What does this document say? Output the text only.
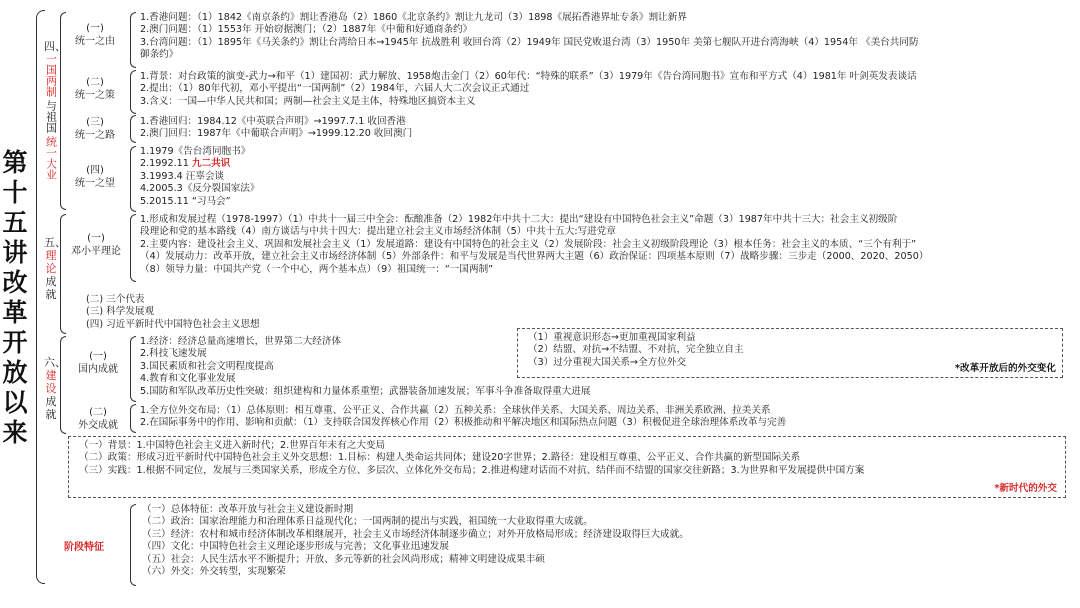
第十五讲 改革开放以来
四、
一国两制
与祖国
统一大业
(一)
统一之由
1.香港问题：（1）1842《南京条约》割让香港岛（2）1860《北京条约》割让九龙司（3）1898《展拓香港界址专条》割让新界
2.澳门问题：（1）1553年 开始窃据澳门；（2）1887年《中葡和好通商条约》
3.台湾问题：（1）1895年《马关条约》割让台湾给日本→1945年 抗战胜利 收回台湾（2）1949年 国民党败退台湾（3）1950年 美第七舰队开进台湾海峡（4）1954年 《美台共同防
御条约》
(二)
统一之策
1.背景：对台政策的演变-武力→和平（1）建国初：武力解放、1958炮击金门（2）60年代：“特殊的联系”（3）1979年《告台湾同胞书》宣布和平方式（4）1981年 叶剑英发表谈话
2.提出：（1）80年代初，邓小平提出“一国两制”（2）1984年，六届人大二次会议正式通过
3.含义：一国—中华人民共和国；两制—社会主义是主体，特殊地区搞资本主义
(三)
统一之路
1.香港回归：1984.12《中英联合声明》→1997.7.1 收回香港
2.澳门回归：1987年《中葡联合声明》→1999.12.20 收回澳门
(四)
统一之望
1.1979《告台湾同胞书》
2.1992.11 九二共识
3.1993.4 汪辜会谈
4.2005.3《反分裂国家法》
5.2015.11 “习马会”
五、
理论
成就
(一)
邓小平理论
1.形成和发展过程（1978-1997）（1）中共十一届三中全会：酝酿准备（2）1982年中共十二大：提出“建设有中国特色社会主义”命题（3）1987年中共十三大：社会主义初级阶
段理论和党的基本路线（4）南方谈话与中共十四大：提出建立社会主义市场经济体制（5）中共十五大:写进党章
2.主要内容：建设社会主义、巩固和发展社会主义（1）发展道路：建设有中国特色的社会主义（2）发展阶段：社会主义初级阶段理论（3）根本任务：社会主义的本质、“三个有利于”
（4）发展动力：改革开放，建立社会主义市场经济体制（5）外部条件：和平与发展是当代世界两大主题（6）政治保证：四项基本原则（7）战略步骤：三步走（2000、2020、2050）
（8）领导力量：中国共产党（一个中心，两个基本点）（9）祖国统一：“一国两制”
(二) 三个代表
(三) 科学发展观
(四) 习近平新时代中国特色社会主义思想
六、
建设
成就
(一)
国内成就
1.经济：经济总量高速增长，世界第二大经济体
2.科技飞速发展
3.国民素质和社会文明程度提高
4.教育和文化事业发展
5.国防和军队改革历史性突破：组织建构和力量体系重塑；武器装备加速发展；军事斗争准备取得重大进展
（1）重视意识形态→更加重视国家利益
（2）结盟、对抗→不结盟、不对抗，完全独立自主
（3）过分重视大国关系→全方位外交
*改革开放后的外交变化
(二)
外交成就
1.全方位外交布局：（1）总体原则：相互尊重、公平正义、合作共赢（2）五种关系：全球伙伴关系、大国关系、周边关系、非洲关系欧洲、拉美关系
2.在国际事务中的作用、影响和贡献：（1）支持联合国发挥核心作用（2）积极推动和平解决地区和国际热点问题（3）积极促进全球治理体系改革与完善
（一）背景：1.中国特色社会主义进入新时代；2.世界百年未有之大变局
（二）政策：形成习近平新时代中国特色社会主义外交思想：1.目标：构建人类命运共同体；建设20字世界；2.路径：建设相互尊重、公平正义、合作共赢的新型国际关系
（三）实践：1.根据不同定位，发展与三类国家关系，形成全方位、多层次、立体化外交布局；2.推进构建对话而不对抗、结伴而不结盟的国家交往新路；3.为世界和平发展提供中国方案
*新时代的外交
阶段特征
（一）总体特征：改革开放与社会主义建设新时期
（二）政治：国家治理能力和治理体系日益现代化；一国两制的提出与实践，祖国统一大业取得重大成就。
（三）经济：农村和城市经济体制改革相继展开，社会主义市场经济体制逐步确立；对外开放格局形成；经济建设取得巨大成就。
（四）文化：中国特色社会主义理论逐步形成与完善；文化事业迅速发展
（五）社会：人民生活水平不断提升；开放、多元等新的社会风尚形成；精神文明建设成果丰硕
（六）外交：外交转型，实现繁荣
